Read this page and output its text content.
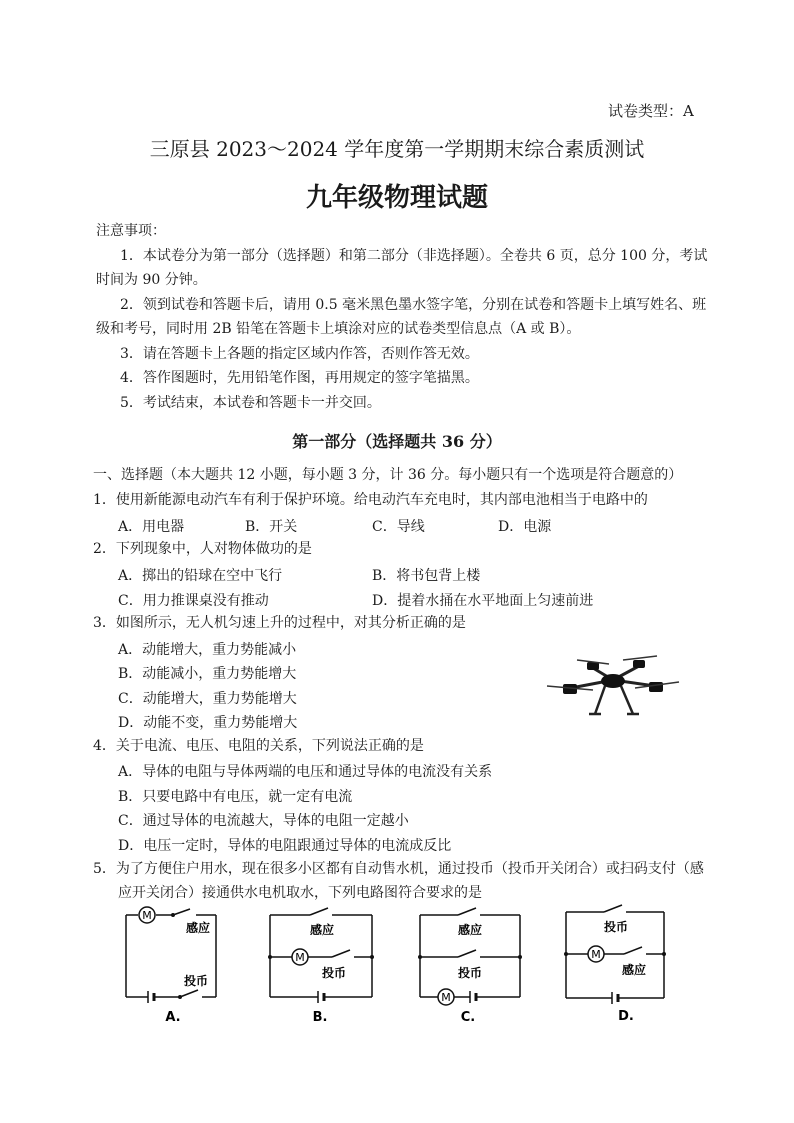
试卷类型：A
三原县 2023～2024 学年度第一学期期末综合素质测试
九年级物理试题
注意事项：
1．本试卷分为第一部分（选择题）和第二部分（非选择题）。全卷共 6 页，总分 100 分，考试
时间为 90 分钟。
2．领到试卷和答题卡后，请用 0.5 毫米黑色墨水签字笔，分别在试卷和答题卡上填写姓名、班
级和考号，同时用 2B 铅笔在答题卡上填涂对应的试卷类型信息点（A 或 B）。
3．请在答题卡上各题的指定区域内作答，否则作答无效。
4．答作图题时，先用铅笔作图，再用规定的签字笔描黑。
5．考试结束，本试卷和答题卡一并交回。
第一部分（选择题共 36 分）
一、选择题（本大题共 12 小题，每小题 3 分，计 36 分。每小题只有一个选项是符合题意的）
1．使用新能源电动汽车有利于保护环境。给电动汽车充电时，其内部电池相当于电路中的
A．用电器	B．开关	C．导线	D．电源
2．下列现象中，人对物体做功的是
A．掷出的铅球在空中飞行	B．将书包背上楼
C．用力推课桌没有推动	D．提着水捅在水平地面上匀速前进
3．如图所示，无人机匀速上升的过程中，对其分析正确的是
A．动能增大，重力势能减小
B．动能减小，重力势能增大
C．动能增大，重力势能增大
D．动能不变，重力势能增大
4．关于电流、电压、电阻的关系，下列说法正确的是
A．导体的电阻与导体两端的电压和通过导体的电流没有关系
B．只要电路中有电压，就一定有电流
C．通过导体的电流越大，导体的电阻一定越小
D．电压一定时，导体的电阻跟通过导体的电流成反比
5．为了方便住户用水，现在很多小区都有自动售水机，通过投币（投币开关闭合）或扫码支付（感
应开关闭合）接通供水电机取水，下列电路图符合要求的是
M
感应
投币
A.
M
感应
投币
B.
M
感应
投币
C.
M
投币
感应
D.
